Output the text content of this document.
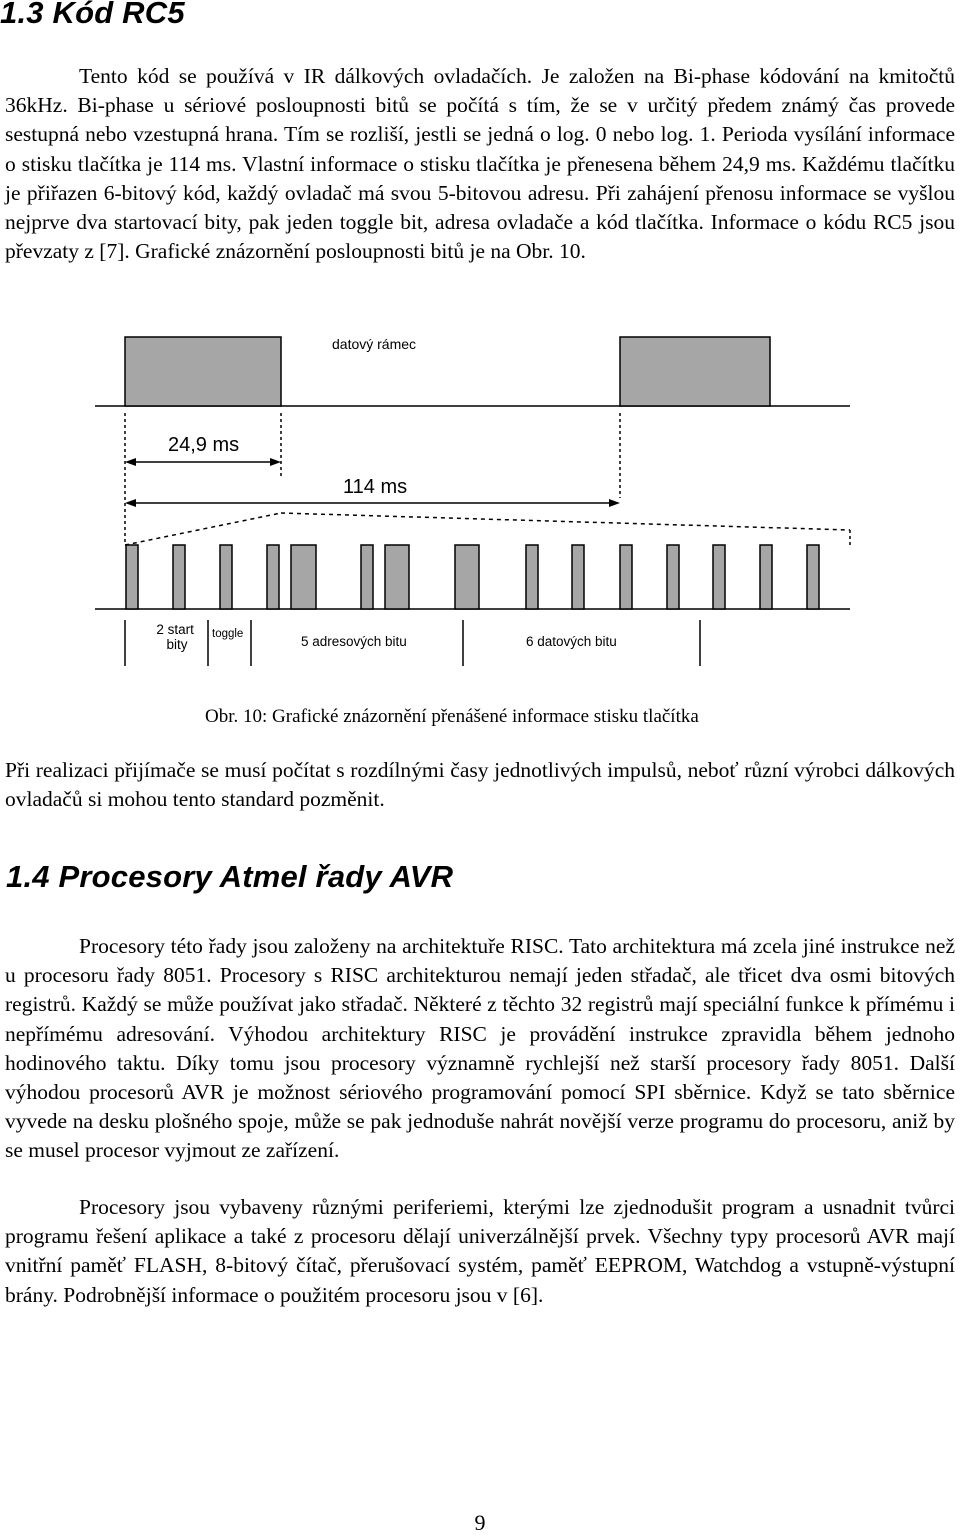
1.3 Kód RC5

Tento kód se používá v IR dálkových ovladačích. Je založen na Bi-phase kódování na kmitočtů 36kHz. Bi-phase u sériové posloupnosti bitů se počítá s tím, že se v určitý předem známý čas provede sestupná nebo vzestupná hrana. Tím se rozliší, jestli se jedná o log. 0 nebo log. 1. Perioda vysílání informace o stisku tlačítka je 114 ms. Vlastní informace o stisku tlačítka je přenesena během 24,9 ms. Každému tlačítku je přiřazen 6-bitový kód, každý ovladač má svou 5-bitovou adresu. Při zahájení přenosu informace se vyšlou nejprve dva startovací bity, pak jeden toggle bit, adresa ovladače a kód tlačítka. Informace o kódu RC5 jsou převzaty z [7]. Grafické znázornění posloupnosti bitů je na Obr. 10.

datový rámec
24,9 ms
114 ms
2 start bity
toggle	5 adresových bitu	6 datových bitu

Obr. 10: Grafické znázornění přenášené informace stisku tlačítka

Při realizaci přijímače se musí počítat s rozdílnými časy jednotlivých impulsů, neboť různí výrobci dálkových ovladačů si mohou tento standard pozměnit.

1.4 Procesory Atmel řady AVR

Procesory této řady jsou založeny na architektuře RISC. Tato architektura má zcela jiné instrukce než u procesoru řady 8051. Procesory s RISC architekturou nemají jeden střadač, ale třicet dva osmi bitových registrů. Každý se může používat jako střadač. Některé z těchto 32 registrů mají speciální funkce k přímému i nepřímému adresování. Výhodou architektury RISC je provádění instrukce zpravidla během jednoho hodinového taktu. Díky tomu jsou procesory významně rychlejší než starší procesory řady 8051. Další výhodou procesorů AVR je možnost sériového programování pomocí SPI sběrnice. Když se tato sběrnice vyvede na desku plošného spoje, může se pak jednoduše nahrát novější verze programu do procesoru, aniž by se musel procesor vyjmout ze zařízení.

Procesory jsou vybaveny různými periferiemi, kterými lze zjednodušit program a usnadnit tvůrci programu řešení aplikace a také z procesoru dělají univerzálnější prvek. Všechny typy procesorů AVR mají vnitřní paměť FLASH, 8-bitový čítač, přerušovací systém, paměť EEPROM, Watchdog a vstupně-výstupní brány. Podrobnější informace o použitém procesoru jsou v [6].

9
